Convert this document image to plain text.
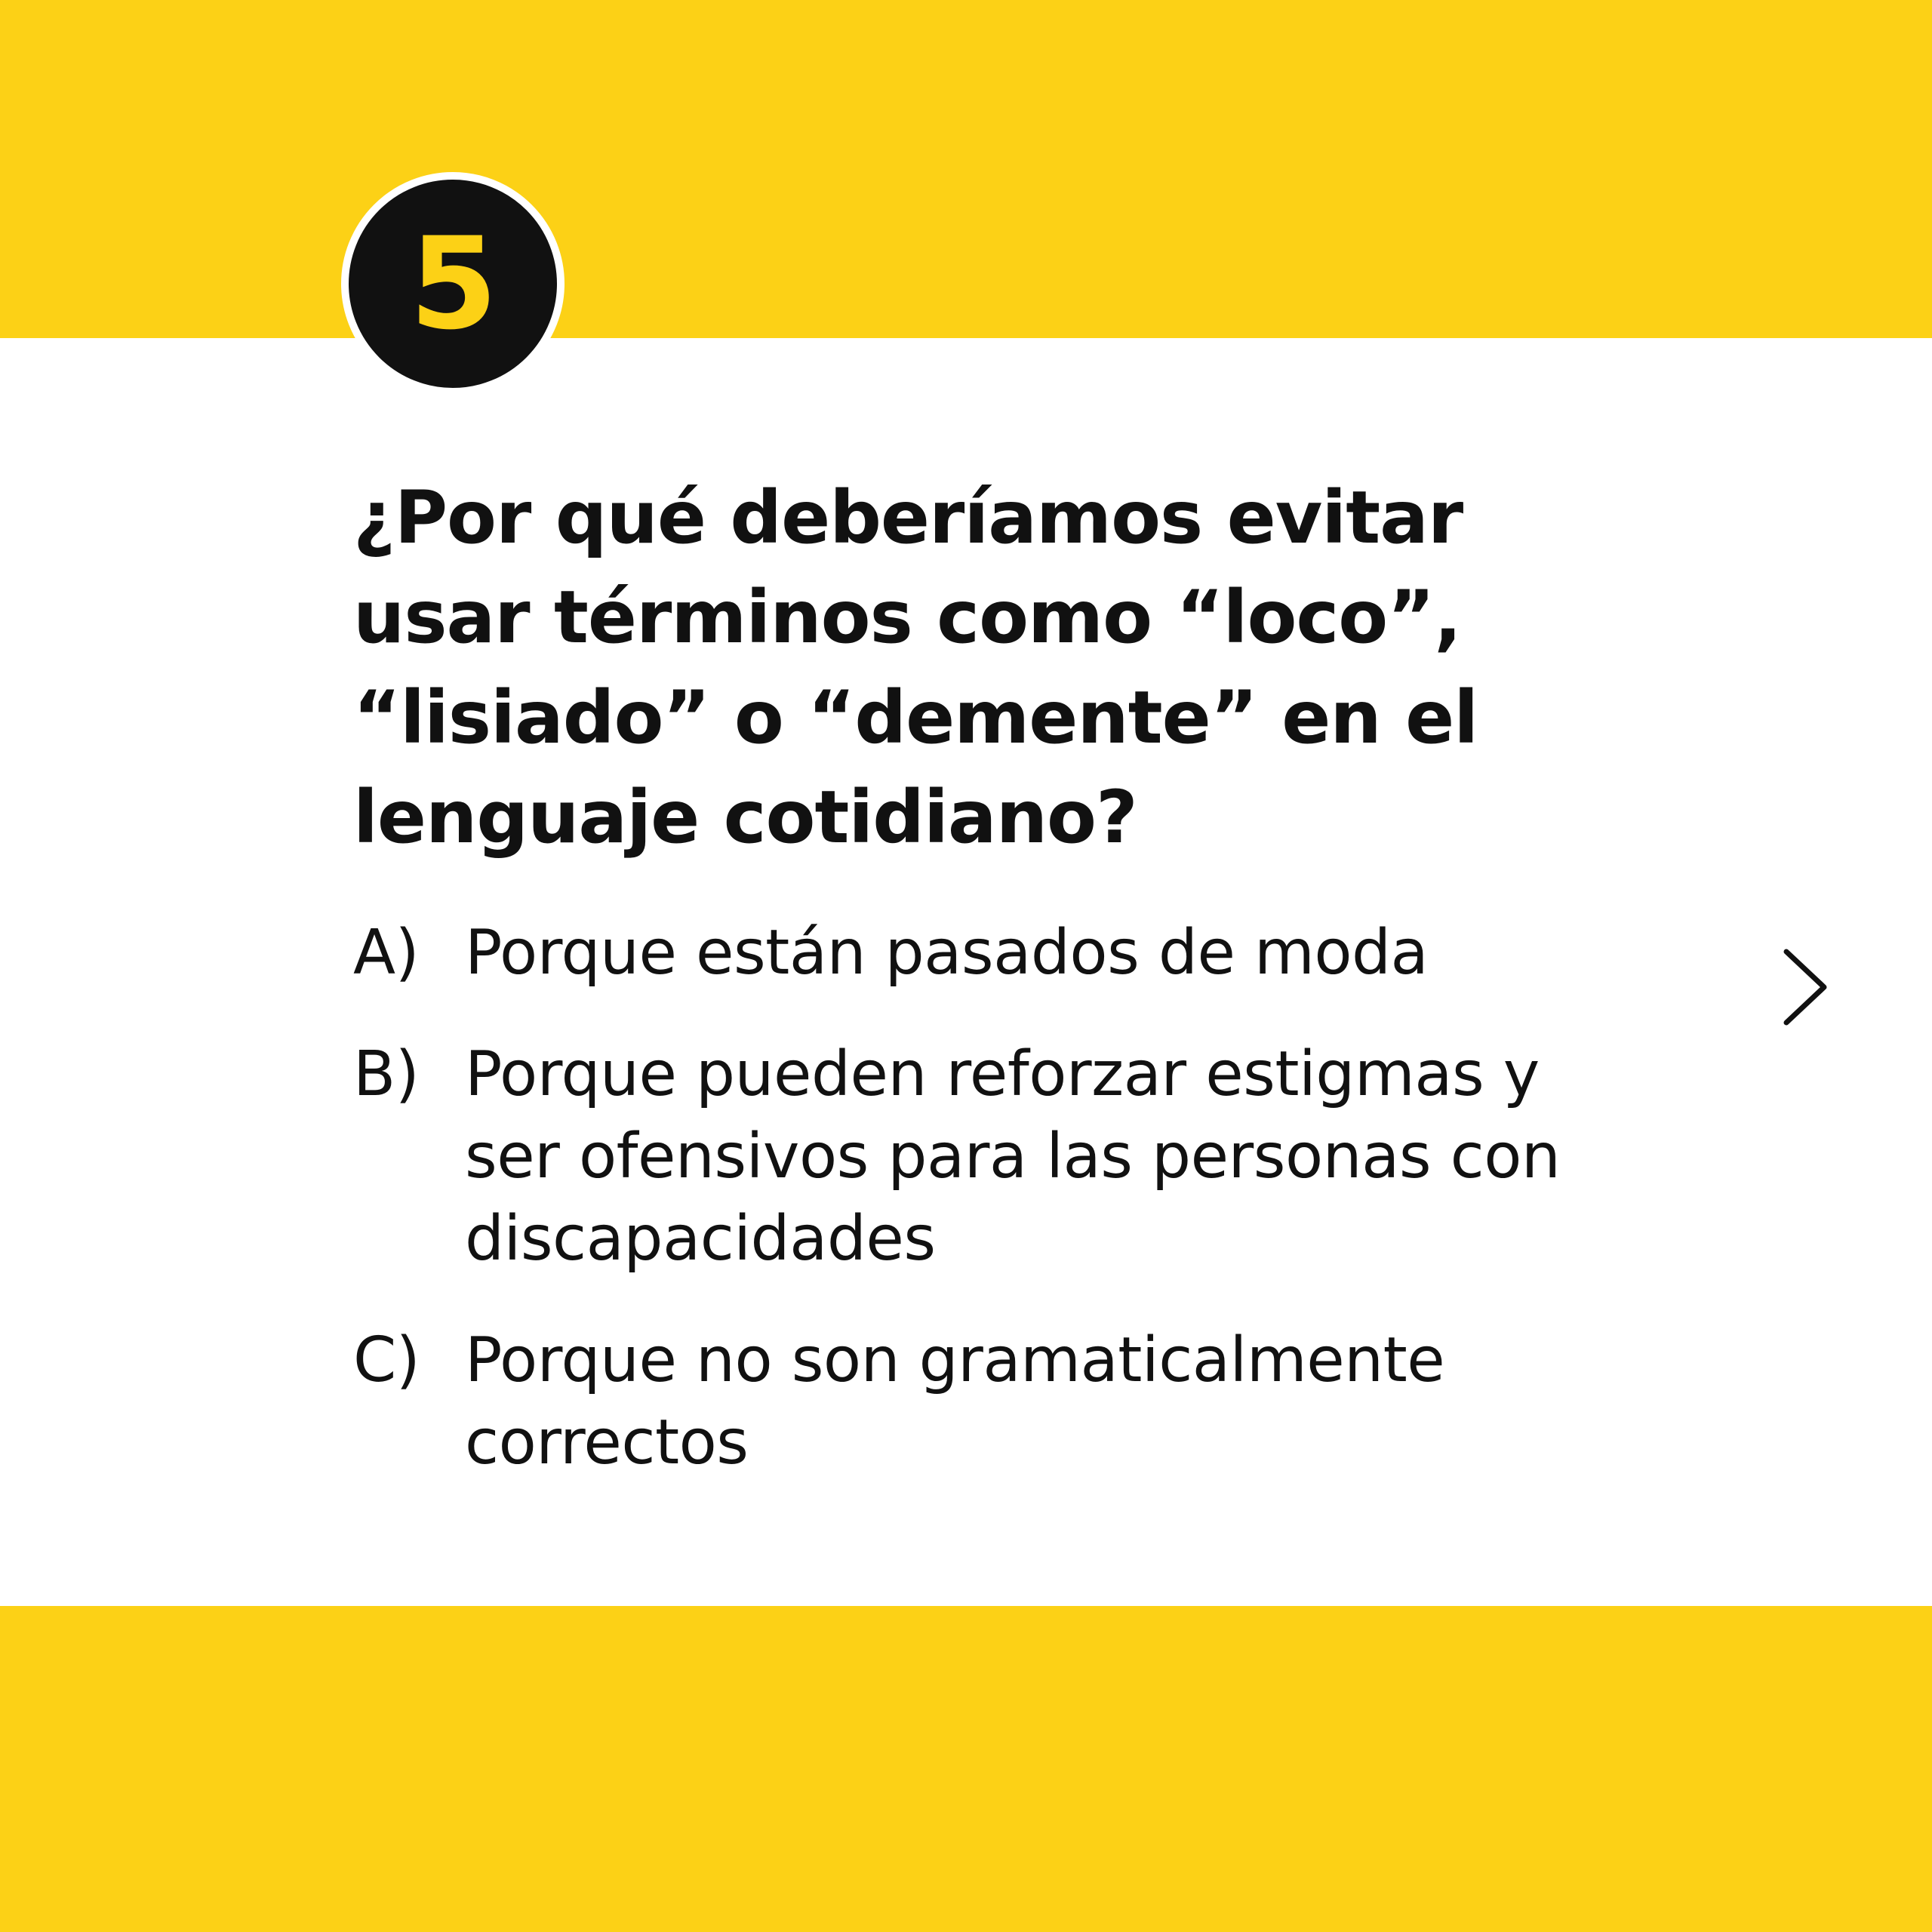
5
¿Por qué deberíamos evitar usar términos como “loco”, “lisiado” o “demente” en el lenguaje cotidiano?
A) Porque están pasados de moda
B) Porque pueden reforzar estigmas y ser ofensivos para las personas con discapacidades
C) Porque no son gramaticalmente correctos
